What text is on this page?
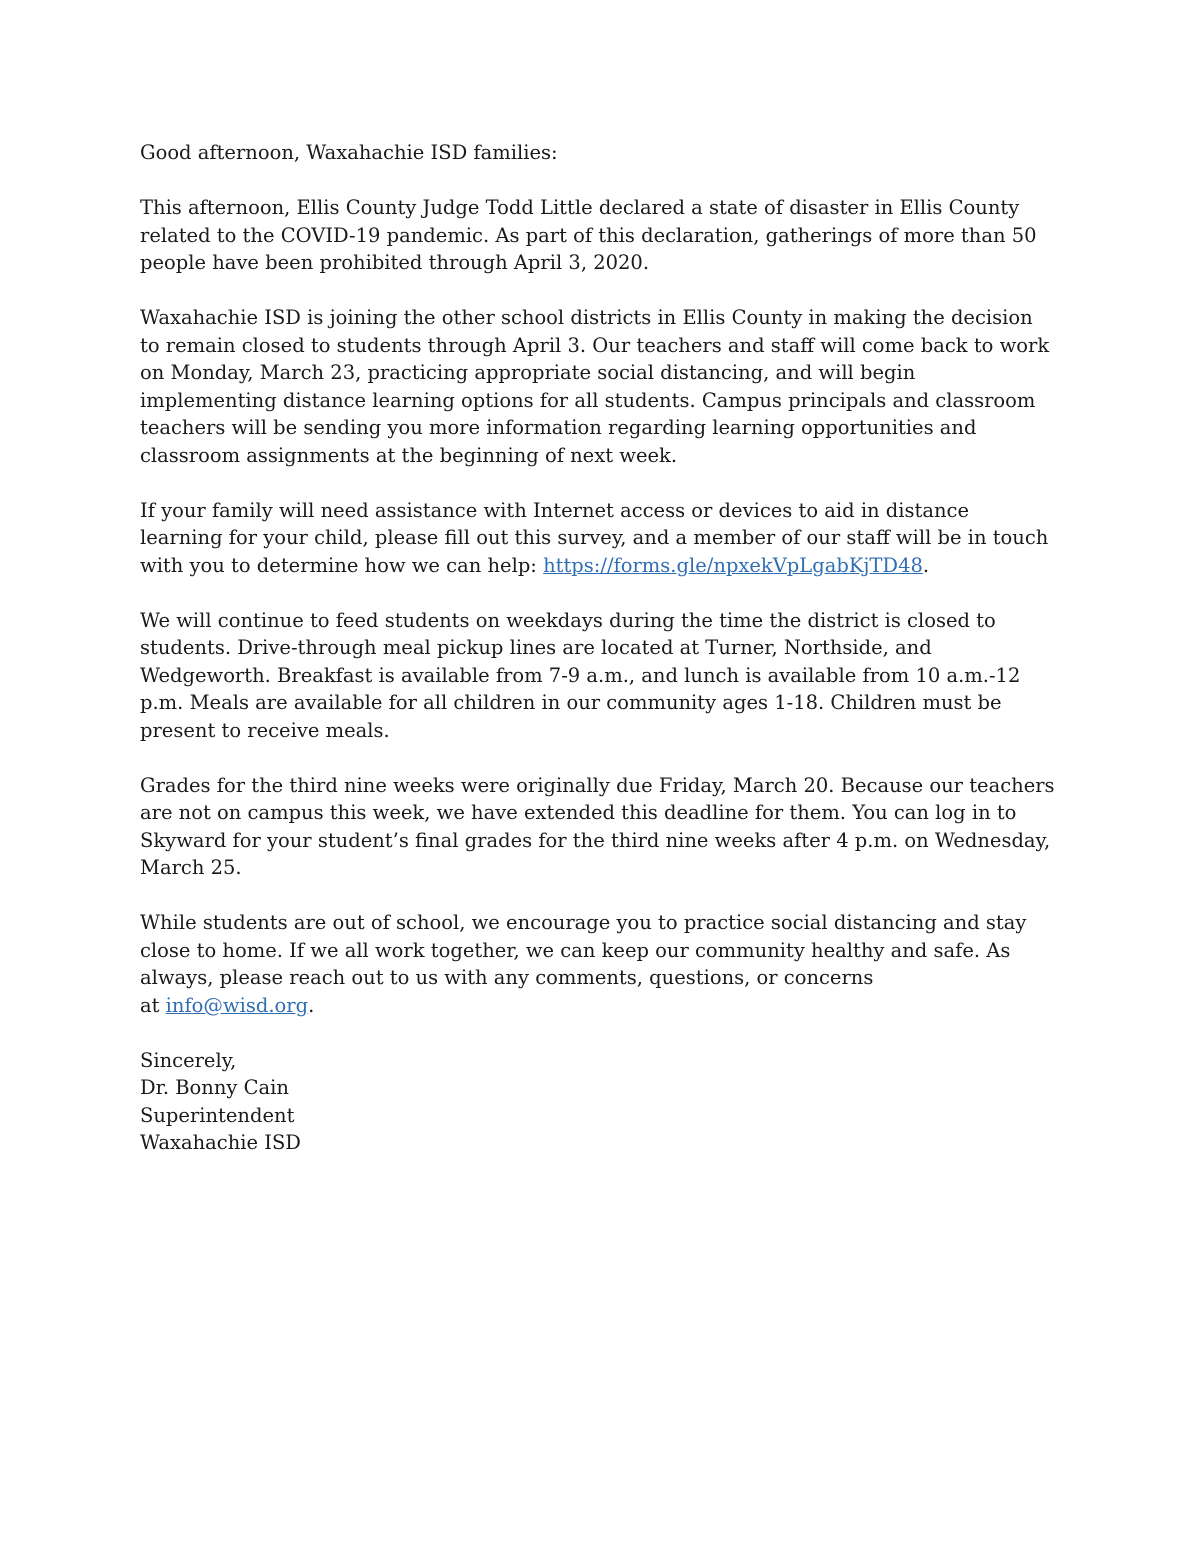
Good afternoon, Waxahachie ISD families:

This afternoon, Ellis County Judge Todd Little declared a state of disaster in Ellis County
related to the COVID-19 pandemic. As part of this declaration, gatherings of more than 50
people have been prohibited through April 3, 2020.

Waxahachie ISD is joining the other school districts in Ellis County in making the decision
to remain closed to students through April 3. Our teachers and staff will come back to work
on Monday, March 23, practicing appropriate social distancing, and will begin
implementing distance learning options for all students. Campus principals and classroom
teachers will be sending you more information regarding learning opportunities and
classroom assignments at the beginning of next week.

If your family will need assistance with Internet access or devices to aid in distance
learning for your child, please fill out this survey, and a member of our staff will be in touch
with you to determine how we can help: https://forms.gle/npxekVpLgabKjTD48.

We will continue to feed students on weekdays during the time the district is closed to
students. Drive-through meal pickup lines are located at Turner, Northside, and
Wedgeworth. Breakfast is available from 7-9 a.m., and lunch is available from 10 a.m.-12
p.m. Meals are available for all children in our community ages 1-18. Children must be
present to receive meals.

Grades for the third nine weeks were originally due Friday, March 20. Because our teachers
are not on campus this week, we have extended this deadline for them. You can log in to
Skyward for your student’s final grades for the third nine weeks after 4 p.m. on Wednesday,
March 25.

While students are out of school, we encourage you to practice social distancing and stay
close to home. If we all work together, we can keep our community healthy and safe. As
always, please reach out to us with any comments, questions, or concerns
at info@wisd.org.

Sincerely,
Dr. Bonny Cain
Superintendent
Waxahachie ISD
